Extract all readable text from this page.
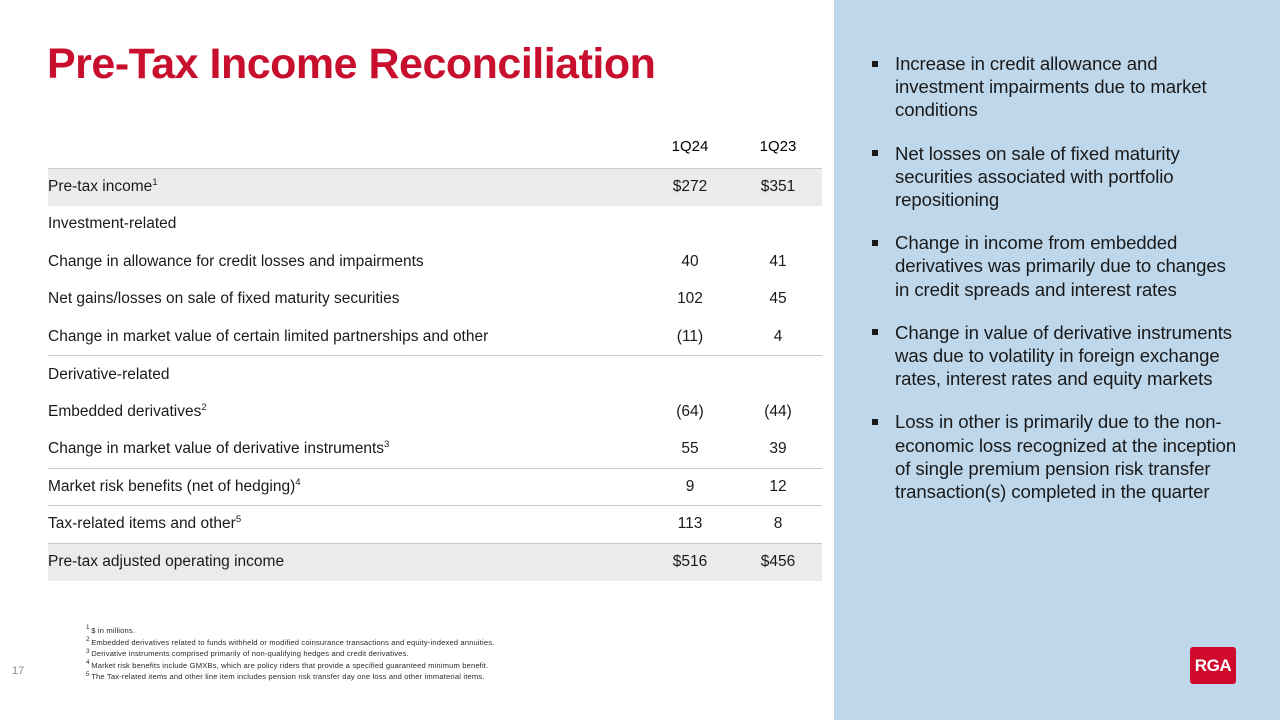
Pre-Tax Income Reconciliation
	1Q24	1Q23
Pre-tax income$^1$	$272	$351
Investment-related		
Change in allowance for credit losses and impairments	40	41
Net gains/losses on sale of fixed maturity securities	102	45
Change in market value of certain limited partnerships and other	(11)	4
Derivative-related		
Embedded derivatives$^2$	(64)	(44)
Change in market value of derivative instruments$^3$	55	39
Market risk benefits (net of hedging)$^4$	9	12
Tax-related items and other$^5$	113	8
Pre-tax adjusted operating income	$516	$456
$^1$ $ in millions.
$^2$ Embedded derivatives related to funds withheld or modified coinsurance transactions and equity-indexed annuities.
$^3$ Derivative instruments comprised primarily of non-qualifying hedges and credit derivatives.
$^4$ Market risk benefits include GMXBs, which are policy riders that provide a specified guaranteed minimum benefit.
$^5$ The Tax-related items and other line item includes pension risk transfer day one loss and other immaterial items.
17
Increase in credit allowance and investment impairments due to market conditions
Net losses on sale of fixed maturity securities associated with portfolio repositioning
Change in income from embedded derivatives was primarily due to changes in credit spreads and interest rates
Change in value of derivative instruments was due to volatility in foreign exchange rates, interest rates and equity markets
Loss in other is primarily due to the non-economic loss recognized at the inception of single premium pension risk transfer transaction(s) completed in the quarter
RGA
